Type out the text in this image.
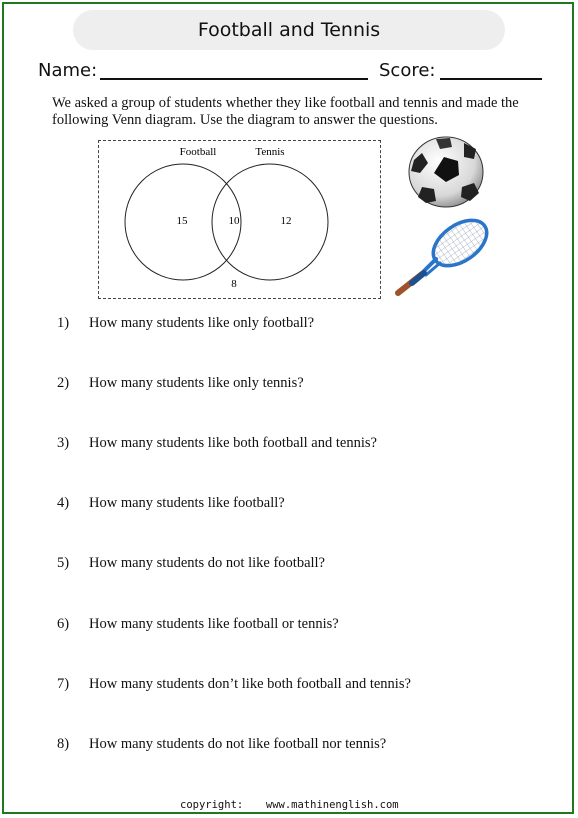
Football and Tennis
Name:	Score:
We asked a group of students whether they like football and tennis and made the following Venn diagram. Use the diagram to answer the questions.
Football	Tennis
15	10	12
8
1) How many students like only football?
2) How many students like only tennis?
3) How many students like both football and tennis?
4) How many students like football?
5) How many students do not like football?
6) How many students like football or tennis?
7) How many students don’t like both football and tennis?
8) How many students do not like football nor tennis?
copyright: www.mathinenglish.com
